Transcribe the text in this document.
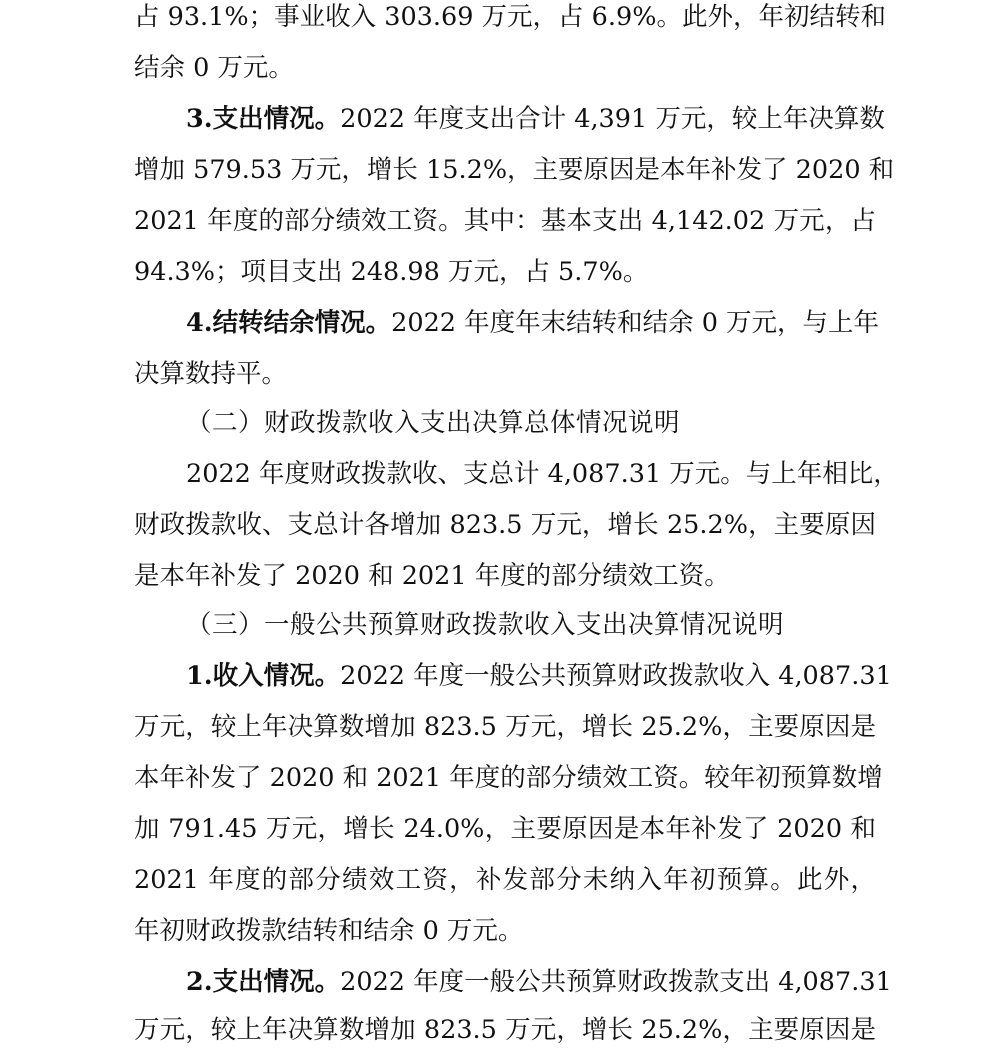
占 93.1%；事业收入 303.69 万元，占 6.9%。此外，年初结转和
结余 0 万元。
3.支出情况。2022 年度支出合计 4,391 万元，较上年决算数
增加 579.53 万元，增长 15.2%，主要原因是本年补发了 2020 和
2021 年度的部分绩效工资。其中：基本支出 4,142.02 万元，占
94.3%；项目支出 248.98 万元，占 5.7%。
4.结转结余情况。2022 年度年末结转和结余 0 万元，与上年
决算数持平。
（二）财政拨款收入支出决算总体情况说明
2022 年度财政拨款收、支总计 4,087.31 万元。与上年相比，
财政拨款收、支总计各增加 823.5 万元，增长 25.2%，主要原因
是本年补发了 2020 和 2021 年度的部分绩效工资。
（三）一般公共预算财政拨款收入支出决算情况说明
1.收入情况。2022 年度一般公共预算财政拨款收入 4,087.31
万元，较上年决算数增加 823.5 万元，增长 25.2%，主要原因是
本年补发了 2020 和 2021 年度的部分绩效工资。较年初预算数增
加 791.45 万元，增长 24.0%，主要原因是本年补发了 2020 和
2021 年度的部分绩效工资，补发部分未纳入年初预算。此外，
年初财政拨款结转和结余 0 万元。
2.支出情况。2022 年度一般公共预算财政拨款支出 4,087.31
万元，较上年决算数增加 823.5 万元，增长 25.2%，主要原因是
